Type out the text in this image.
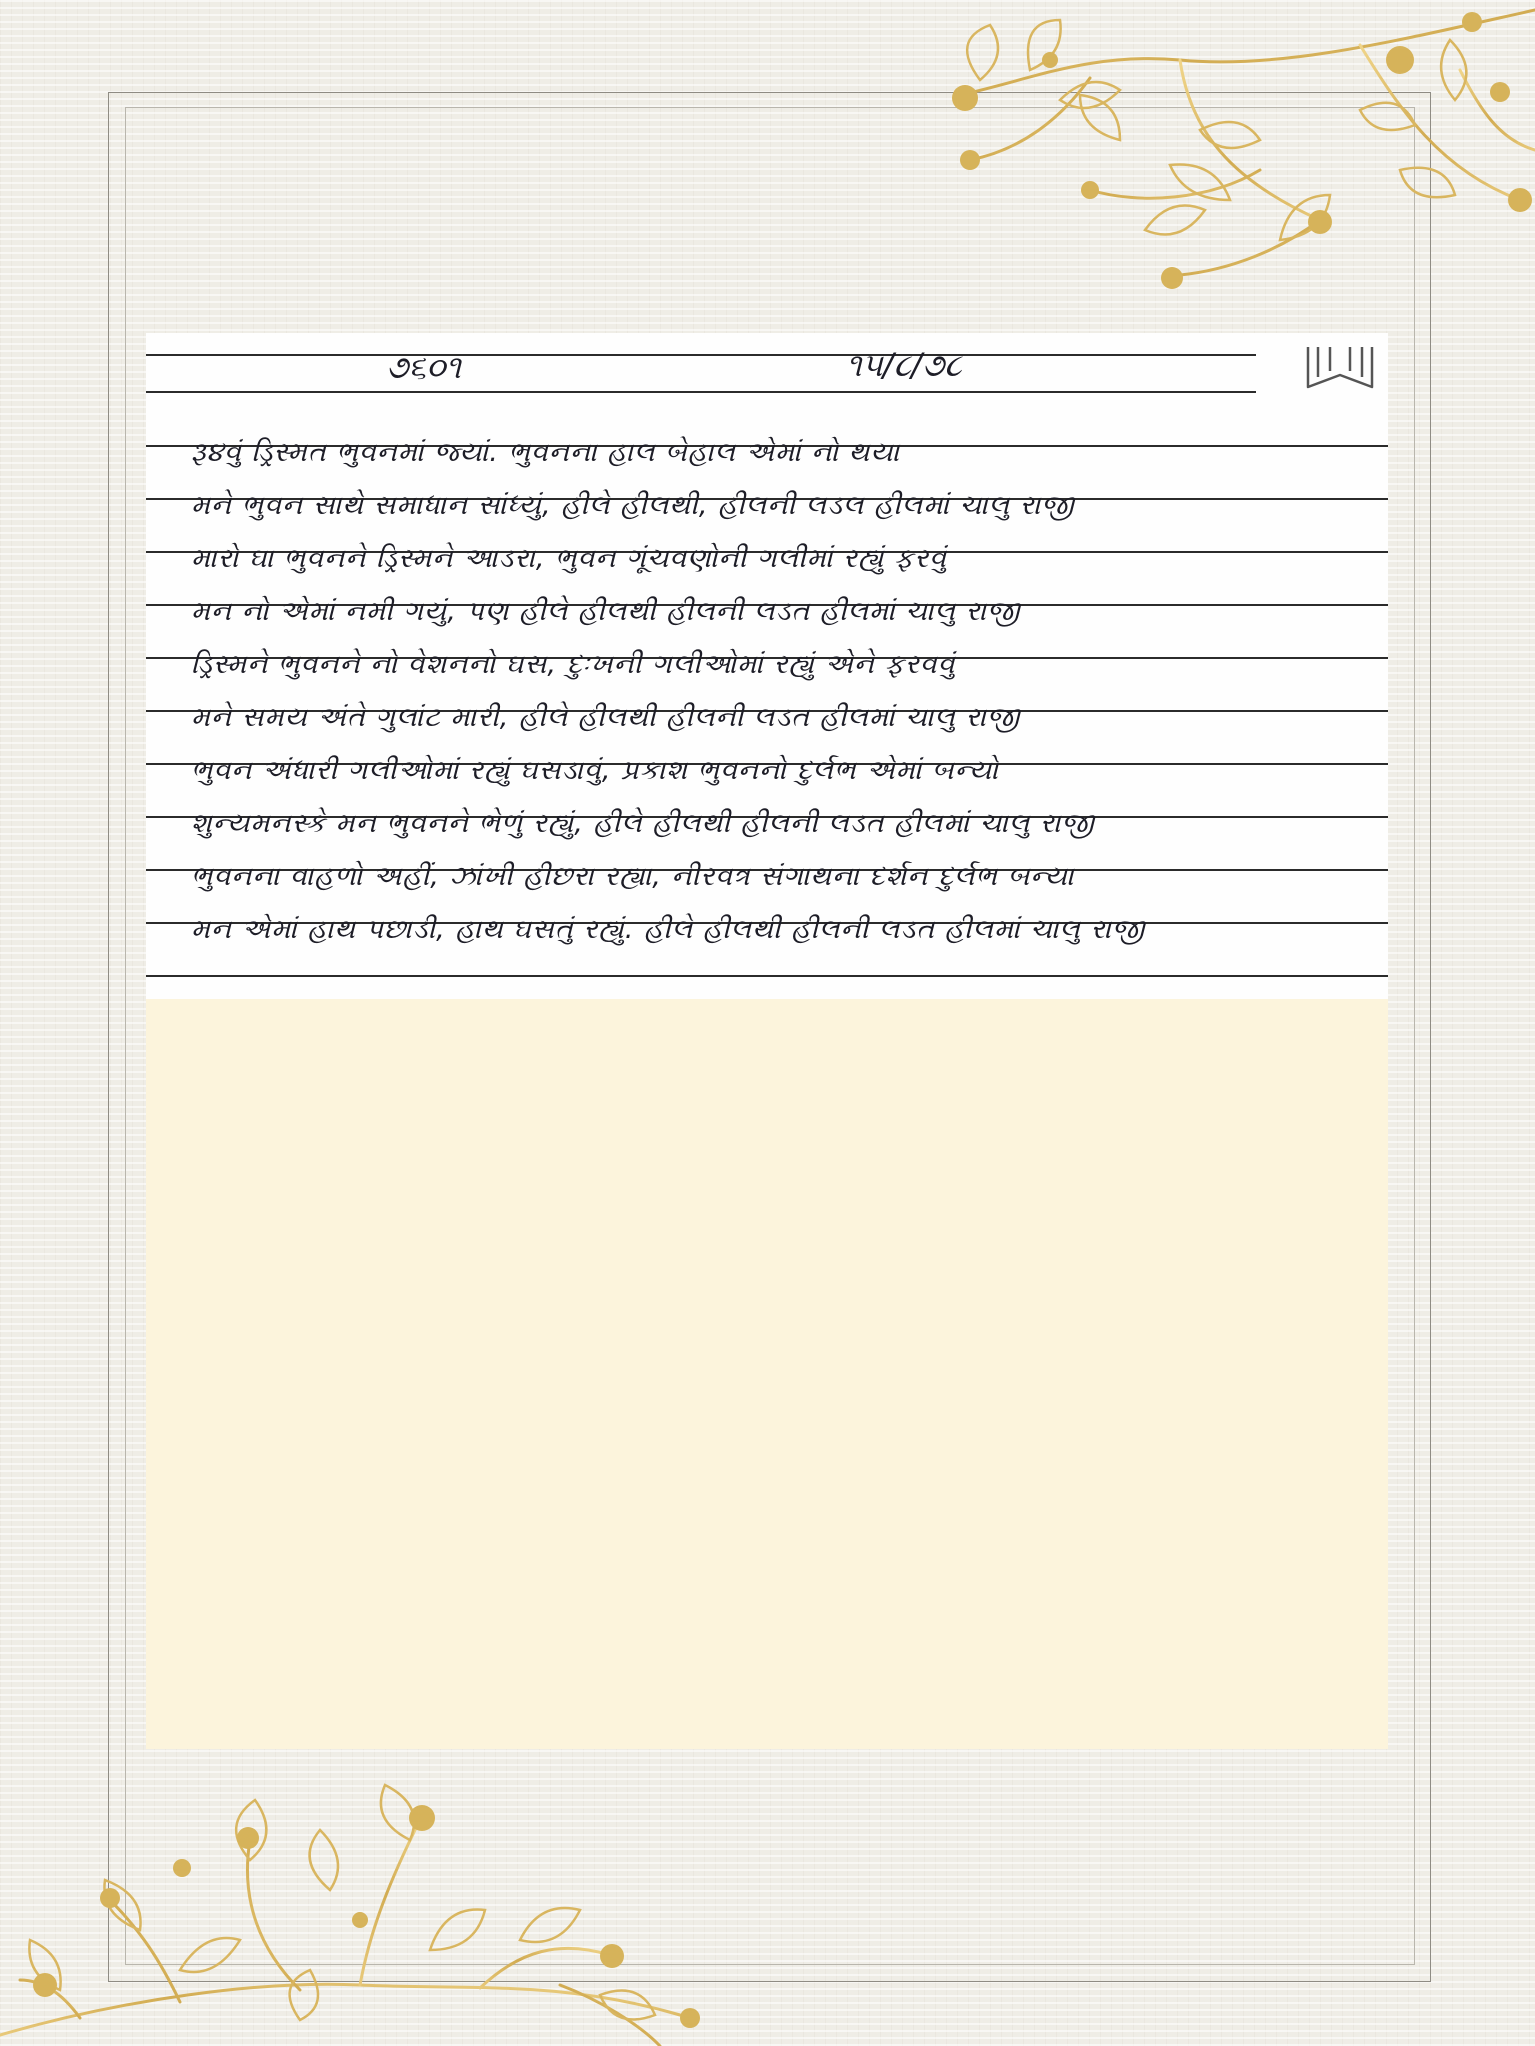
૭૬૦૧	૧૫/૮/૭૮
રૂ૪વું ડ્રિસ્મત ભુવનમાં જ્યાં. ભુવનના હાલ બેહાલ એમાં નો થયા
મને ભુવન સાથે સમાધાન સાંધ્યું, હીલે હીલથી, હીલની લડલ હીલમાં ચાલુ રાજી
મારો ઘા ભુવનને ડ્રિસ્મને આડરા, ભુવન ગૂંચવણોની ગલીમાં રહ્યું ફરવું
મન નો એમાં નમી ગયું, પણ હીલે હીલથી હીલની લડત હીલમાં ચાલુ રાજી
ડ્રિસ્મને ભુવનને નો વેશનનો ઘસ, દુઃખની ગલીઓમાં રહ્યું એને ફરવવું
મને સમય અંતે ગુલાંટ મારી, હીલે હીલથી હીલની લડત હીલમાં ચાલુ રાજી
ભુવન અંધારી ગલીઓમાં રહ્યું ઘસડાવું, પ્રકાશ ભુવનનો દુર્લભ એમાં બન્યો
શુન્યમનસ્કે મન ભુવનને ભેળું રહ્યું, હીલે હીલથી હીલની લડત હીલમાં ચાલુ રાજી
ભુવનના વાહળો અહીં, ઝાંખી હીછરા રહ્યા, નીરવત્ર સંગાથના દર્શન દુર્લભ બન્યા
મન એમાં હાથ પછાડી, હાથ ઘસતું રહ્યું. હીલે હીલથી હીલની લડત હીલમાં ચાલુ રાજી
